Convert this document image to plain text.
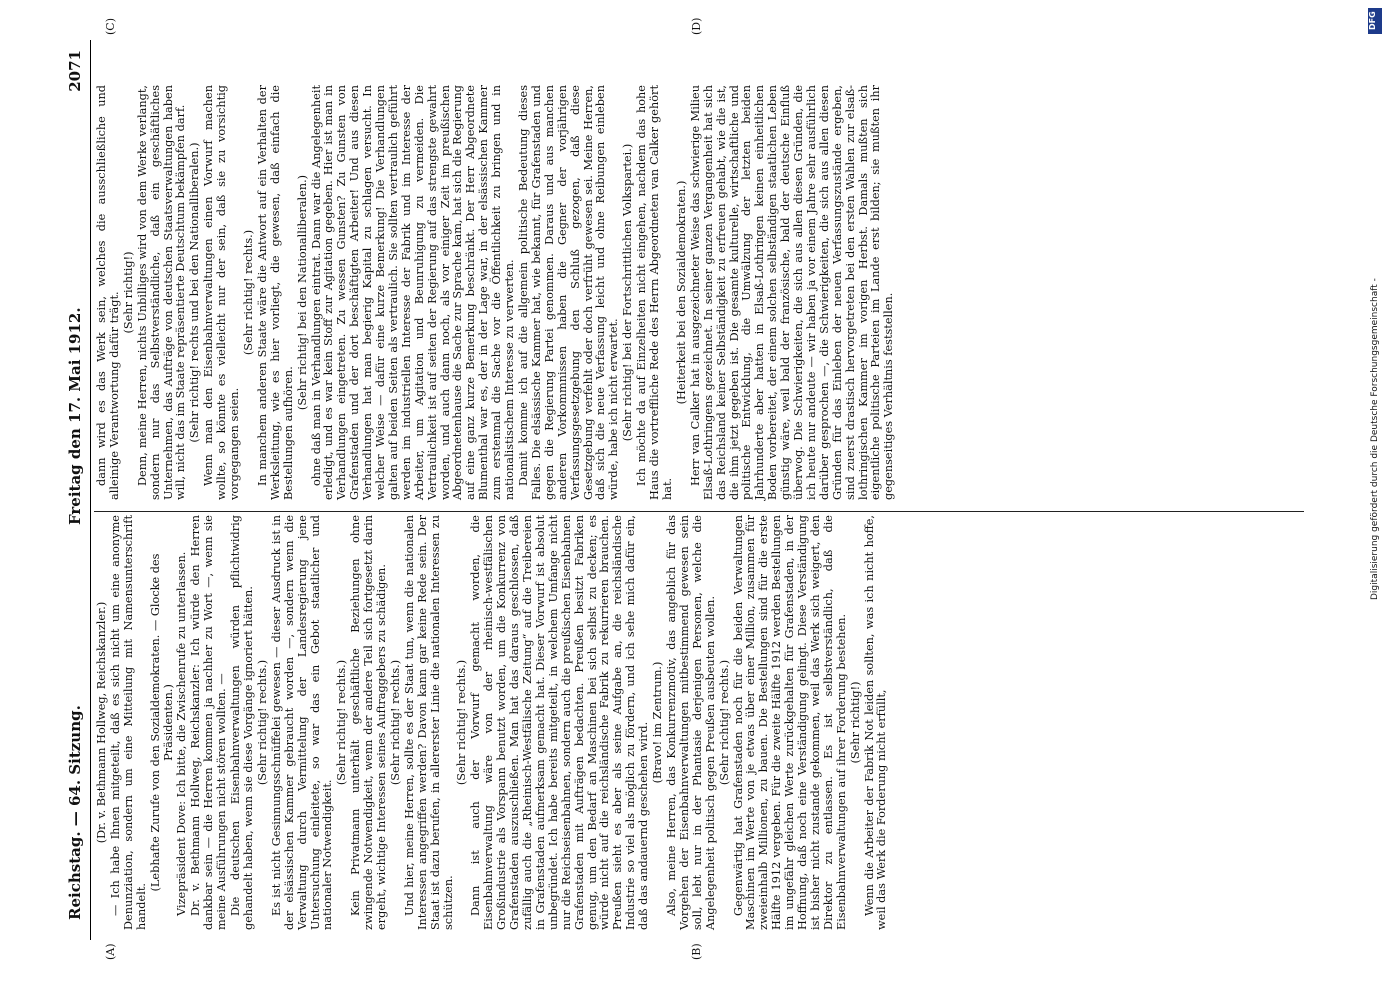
Reichstag. — 64. Sitzung.
Freitag den 17. Mai 1912.
2071
(A)	(B)
(C)	(D)

(Dr. v. Bethmann Hollweg, Reichskanzler.) — Ich habe Ihnen mitgeteilt, daß es sich nicht um eine anonyme Denunziation, sondern um eine Mitteilung mit Namensunterschrift handelt.

(Lebhafte Zurufe von den Sozialdemokraten. — Glocke des Präsidenten.) Vizepräsident Dove: Ich bitte, die Zwischenrufe zu unterlassen. Dr. v. Bethmann Hollweg, Reichskanzler: Ich würde den Herren dankbar sein — die Herren kommen ja nachher zu Wort —, wenn sie meine Ausführungen nicht stören wollten. — Die deutschen Eisenbahnverwaltungen würden pflichtwidrig gehandelt haben, wenn sie diese Vorgänge ignoriert hätten. (Sehr richtig! rechts.) Es ist nicht Gesinnungsschnüffelei gewesen — dieser Ausdruck ist in der elsässischen Kammer gebraucht worden —, sondern wenn die Verwaltung durch Vermittelung der Landesregierung jene Untersuchung einleitete, so war das ein Gebot staatlicher und nationaler Notwendigkeit.

(Sehr richtig! rechts.) Kein Privatmann unterhält geschäftliche Beziehungen ohne zwingende Notwendigkeit, wenn der andere Teil sich fortgesetzt darin ergeht, wichtige Interessen seines Auftraggebers zu schädigen. (Sehr richtig! rechts.) Und hier, meine Herren, sollte es der Staat tun, wenn die nationalen Interessen angegriffen werden? Davon kann gar keine Rede sein. Der Staat ist dazu berufen, in allererster Linie die nationalen Interessen zu schützen.

(Sehr richtig! rechts.) Dann ist auch der Vorwurf gemacht worden, die Eisenbahnverwaltung wäre von der rheinisch-westfälischen Großindustrie als Vorspann benutzt worden, um die Konkurrenz von Grafenstaden auszuschließen. Man hat das daraus geschlossen, daß zufällig auch die „Rheinisch-Westfälische Zeitung“ auf die Treibereien in Grafenstaden aufmerksam gemacht hat. Dieser Vorwurf ist absolut unbegründet. Ich habe bereits mitgeteilt, in welchem Umfange nicht nur die Reichseisenbahnen, sondern auch die preußischen Eisenbahnen Grafenstaden mit Aufträgen bedachten. Preußen besitzt Fabriken genug, um den Bedarf an Maschinen bei sich selbst zu decken; es würde nicht auf die reichsländische Fabrik zu rekurrieren brauchen. Preußen sieht es aber als seine Aufgabe an, die reichsländische Industrie so viel als möglich zu fördern, und ich sehe mich dafür ein, daß das andauernd geschehen wird. (Bravo! im Zentrum.) Also, meine Herren, das Konkurrenzmotiv, das angeblich für das Vorgehen der Eisenbahnverwaltungen mitbestimmend gewesen sein soll, lebt nur in der Phantasie derjenigen Personen, welche die Angelegenheit politisch gegen Preußen ausbeuten wollen. (Sehr richtig! rechts.) Gegenwärtig hat Grafenstaden noch für die beiden Verwaltungen Maschinen im Werte von je etwas über einer Million, zusammen für zweieinhalb Millionen, zu bauen. Die Bestellungen sind für die erste Hälfte 1912 vergeben. Für die zweite Hälfte 1912 werden Bestellungen im ungefähr gleichen Werte zurückgehalten für Grafenstaden, in der Hoffnung, daß noch eine Verständigung gelingt. Diese Verständigung ist bisher nicht zustande gekommen, weil das Werk sich weigert, den Direktor zu entlassen. Es ist selbstverständlich, daß die Eisenbahnverwaltungen auf ihrer Forderung bestehen. (Sehr richtig!) Wenn die Arbeiter der Fabrik Not leiden sollten, was ich nicht hoffe, weil das Werk die Forderung nicht erfüllt,

dann wird es das Werk sein, welches die ausschließliche und alleinige Verantwortung dafür trägt. (Sehr richtig!) Denn, meine Herren, nichts Unbilliges wird von dem Werke verlangt, sondern nur das Selbstverständliche, daß ein geschäftliches Unternehmen, das Aufträge von deutschen Staatsverwaltungen haben will, nicht das im Staate repräsentierte Deutschtum bekämpfen darf. (Sehr richtig! rechts und bei den Nationalliberalen.) Wenn man den Eisenbahnverwaltungen einen Vorwurf machen wollte, so könnte es vielleicht nur der sein, daß sie zu vorsichtig vorgegangen seien.

(Sehr richtig! rechts.) In manchem anderen Staate wäre die Antwort auf ein Verhalten der Werksleitung, wie es hier vorliegt, die gewesen, daß einfach die Bestellungen aufhören.

(Sehr richtig! bei den Nationalliberalen.) ohne daß man in Verhandlungen eintrat. Dann war die Angelegenheit erledigt, und es war kein Stoff zur Agitation gegeben. Hier ist man in Verhandlungen eingetreten. Zu wessen Gunsten? Zu Gunsten von Grafenstaden und der dort beschäftigten Arbeiter! Und aus diesen Verhandlungen hat man begierig Kapital zu schlagen versucht. In welcher Weise — dafür eine kurze Bemerkung! Die Verhandlungen galten auf beiden Seiten als vertraulich. Sie sollten vertraulich geführt werden im industriellen Interesse der Fabrik und im Interesse der Arbeiter, um Agitation und Beunruhigung zu vermeiden. Die Vertraulichkeit ist auf seiten der Regierung auf das strengste gewahrt worden, und auch dann noch, als vor einiger Zeit im preußischen Abgeordnetenhause die Sache zur Sprache kam, hat sich die Regierung auf eine ganz kurze Bemerkung beschränkt. Der Herr Abgeordnete Blumenthal war es, der in der Lage war, in der elsässischen Kammer zum erstenmal die Sache vor die Öffentlichkeit zu bringen und in nationalistischem Interesse zu verwerten. Damit komme ich auf die allgemein politische Bedeutung dieses Falles. Die elsässische Kammer hat, wie bekannt, für Grafenstaden und gegen die Regierung Partei genommen. Daraus und aus manchen anderen Vorkommnissen haben die Gegner der vorjährigen Verfassungsgesetzgebung den Schluß gezogen, daß diese Gesetzgebung verfehlt oder doch verfrüht gewesen sei. Meine Herren, daß sich die neue Verfassung leicht und ohne Reibungen einleben würde, habe ich nicht erwartet. (Sehr richtig! bei der Fortschrittlichen Volkspartei.) Ich möchte da auf Einzelheiten nicht eingehen, nachdem das hohe Haus die vortreffliche Rede des Herrn Abgeordneten van Calker gehört hat.

(Heiterkeit bei den Sozialdemokraten.) Herr van Calker hat in ausgezeichneter Weise das schwierige Milieu Elsaß-Lothringens gezeichnet. In seiner ganzen Vergangenheit hat sich das Reichsland keiner Selbständigkeit zu erfreuen gehabt, wie die ist, die ihm jetzt gegeben ist. Die gesamte kulturelle, wirtschaftliche und politische Entwicklung, die Umwälzung der letzten beiden Jahrhunderte aber hatten in Elsaß-Lothringen keinen einheitlichen Boden vorbereitet, der einem solchen selbständigen staatlichen Leben günstig wäre, weil bald der französische, bald der deutsche Einfluß überwog. Die Schwierigkeiten, die sich aus allen diesen Gründen, die ich heute nur andeute — wir haben ja vor einem Jahre sehr ausführlich darüber gesprochen —, die Schwierigkeiten, die sich aus allen diesen Gründen für das Einleben der neuen Verfassungszustände ergeben, sind zuerst drastisch hervorgetreten bei den ersten Wahlen zur elsaß-lothringischen Kammer im vorigen Herbst. Damals mußten sich eigentliche politische Parteien im Lande erst bilden; sie mußten ihr gegenseitiges Verhältnis feststellen.

DFG
Digitalisierung gefördert durch die Deutsche Forschungsgemeinschaft -
